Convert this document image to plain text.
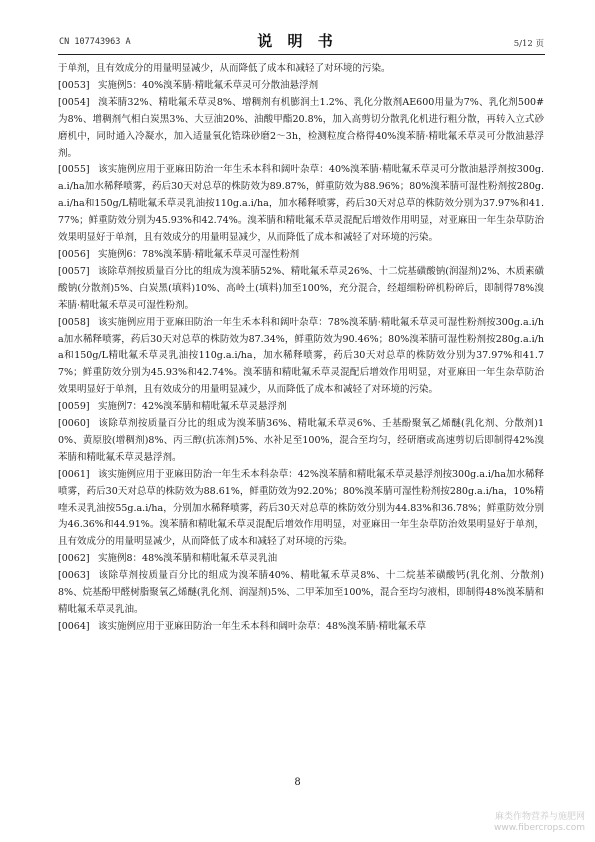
CN 107743963 A	说 明 书	5/12 页

于单剂，且有效成分的用量明显减少，从而降低了成本和减轻了对环境的污染。

[0053] 实施例5：40%溴苯腈·精吡氟禾草灵可分散油悬浮剂

[0054] 溴苯腈32%、精吡氟禾草灵8%、增稠剂有机膨润土1.2%、乳化分散剂AE600用量为7%、乳化剂500#为8%、增稠剂气相白炭黑3%、大豆油20%、油酸甲酯20.8%，加入高剪切分散乳化机进行粗分散，再转入立式砂磨机中，同时通入冷凝水，加入适量氧化锆珠砂磨2～3h，检测粒度合格得40%溴苯腈·精吡氟禾草灵可分散油悬浮剂。

[0055] 该实施例应用于亚麻田防治一年生禾本科和阔叶杂草：40%溴苯腈·精吡氟禾草灵可分散油悬浮剂按300g.a.i/ha加水稀释喷雾，药后30天对总草的株防效为89.87%，鲜重防效为88.96%；80%溴苯腈可湿性粉剂按280g.a.i/ha和150g/L精吡氟禾草灵乳油按110g.a.i/ha，加水稀释喷雾，药后30天对总草的株防效分别为37.97%和41.77%；鲜重防效分别为45.93%和42.74%。溴苯腈和精吡氟禾草灵混配后增效作用明显，对亚麻田一年生杂草防治效果明显好于单剂，且有效成分的用量明显减少，从而降低了成本和减轻了对环境的污染。

[0056] 实施例6：78%溴苯腈·精吡氟禾草灵可湿性粉剂

[0057] 该除草剂按质量百分比的组成为溴苯腈52%、精吡氟禾草灵26%、十二烷基磺酸钠(润湿剂)2%、木质素磺酸钠(分散剂)5%、白炭黑(填料)10%、高岭土(填料)加至100%，充分混合，经超细粉碎机粉碎后，即制得78%溴苯腈·精吡氟禾草灵可湿性粉剂。

[0058] 该实施例应用于亚麻田防治一年生禾本科和阔叶杂草：78%溴苯腈·精吡氟禾草灵可湿性粉剂按300g.a.i/ha加水稀释喷雾，药后30天对总草的株防效为87.34%，鲜重防效为90.46%；80%溴苯腈可湿性粉剂按280g.a.i/ha和150g/L精吡氟禾草灵乳油按110g.a.i/ha，加水稀释喷雾，药后30天对总草的株防效分别为37.97%和41.77%；鲜重防效分别为45.93%和42.74%。溴苯腈和精吡氟禾草灵混配后增效作用明显，对亚麻田一年生杂草防治效果明显好于单剂，且有效成分的用量明显减少，从而降低了成本和减轻了对环境的污染。

[0059] 实施例7：42%溴苯腈和精吡氟禾草灵悬浮剂

[0060] 该除草剂按质量百分比的组成为溴苯腈36%、精吡氟禾草灵6%、壬基酚聚氧乙烯醚(乳化剂、分散剂)10%、黄原胶(增稠剂)8%、丙三醇(抗冻剂)5%、水补足至100%，混合至均匀，经研磨或高速剪切后即制得42%溴苯腈和精吡氟禾草灵悬浮剂。

[0061] 该实施例应用于亚麻田防治一年生禾本科杂草：42%溴苯腈和精吡氟禾草灵悬浮剂按300g.a.i/ha加水稀释喷雾，药后30天对总草的株防效为88.61%，鲜重防效为92.20%；80%溴苯腈可湿性粉剂按280g.a.i/ha，10%精喹禾灵乳油按55g.a.i/ha，分别加水稀释喷雾，药后30天对总草的株防效分别为44.83%和36.78%；鲜重防效分别为46.36%和44.91%。溴苯腈和精吡氟禾草灵混配后增效作用明显，对亚麻田一年生杂草防治效果明显好于单剂，且有效成分的用量明显减少，从而降低了成本和减轻了对环境的污染。

[0062] 实施例8：48%溴苯腈和精吡氟禾草灵乳油

[0063] 该除草剂按质量百分比的组成为溴苯腈40%、精吡氟禾草灵8%、十二烷基苯磺酸钙(乳化剂、分散剂)8%、烷基酚甲醛树脂聚氧乙烯醚(乳化剂、润湿剂)5%、二甲苯加至100%，混合至均匀液相，即制得48%溴苯腈和精吡氟禾草灵乳油。

[0064] 该实施例应用于亚麻田防治一年生禾本科和阔叶杂草：48%溴苯腈·精吡氟禾草

8
麻类作物营养与施肥网
www.fibercrops.com
